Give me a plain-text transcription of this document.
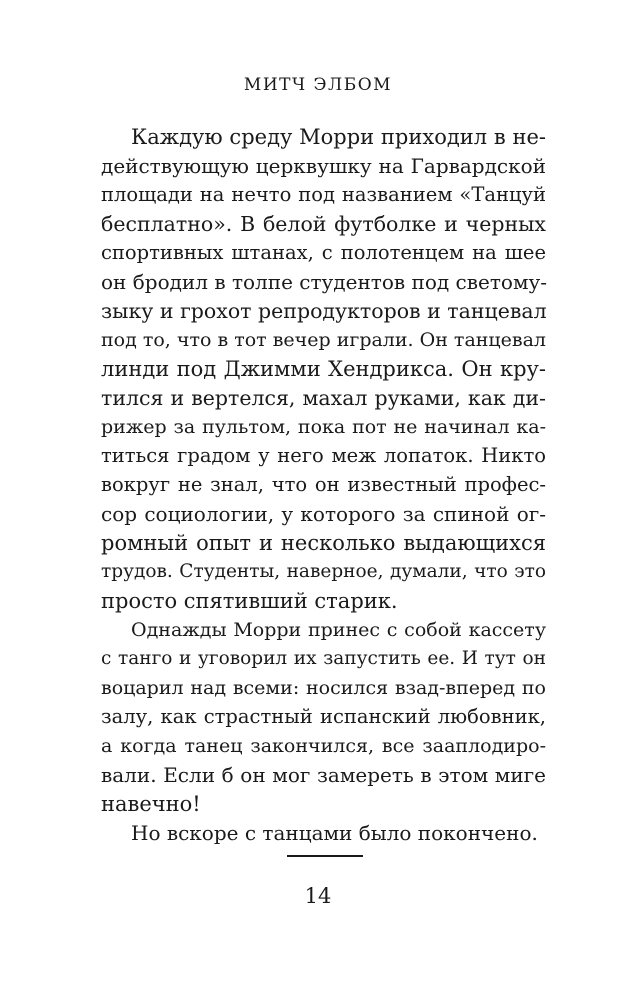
МИТЧ ЭЛБОМ
Каждую среду Морри приходил в не-
действующую церквушку на Гарвардской
площади на нечто под названием «Танцуй
бесплатно». В белой футболке и черных
спортивных штанах, с полотенцем на шее
он бродил в толпе студентов под светому-
зыку и грохот репродукторов и танцевал
под то, что в тот вечер играли. Он танцевал
линди под Джимми Хендрикса. Он кру-
тился и вертелся, махал руками, как ди-
рижер за пультом, пока пот не начинал ка-
титься градом у него меж лопаток. Никто
вокруг не знал, что он известный профес-
сор социологии, у которого за спиной ог-
ромный опыт и несколько выдающихся
трудов. Студенты, наверное, думали, что это
просто спятивший старик.
Однажды Морри принес с собой кассету
с танго и уговорил их запустить ее. И тут он
воцарил над всеми: носился взад-вперед по
залу, как страстный испанский любовник,
а когда танец закончился, все зааплодиро-
вали. Если б он мог замереть в этом миге
навечно!
Но вскоре с танцами было покончено.
14
